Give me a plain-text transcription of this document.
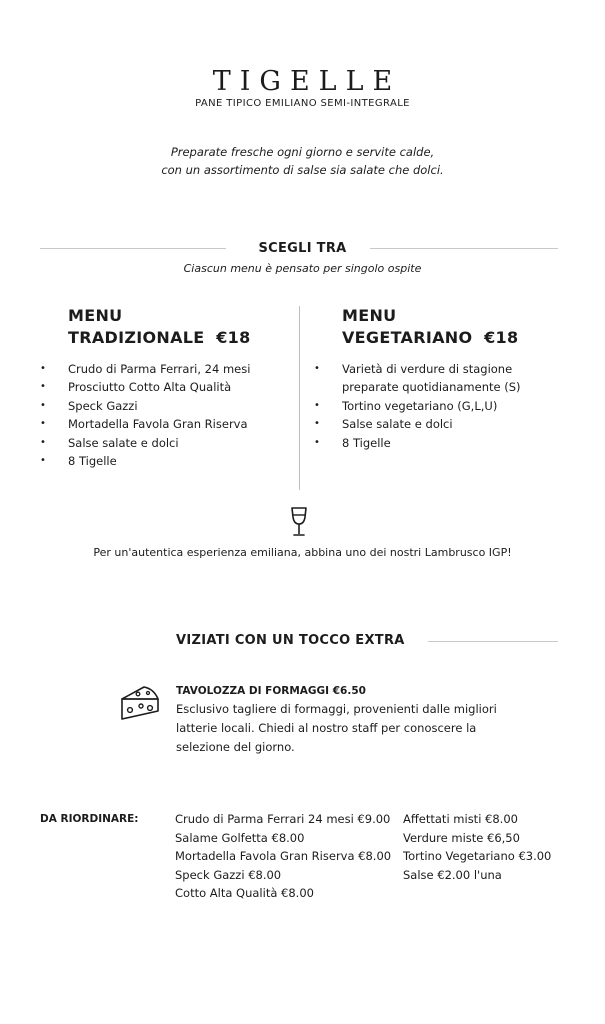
TIGELLE
PANE TIPICO EMILIANO SEMI-INTEGRALE
Preparate fresche ogni giorno e servite calde,
con un assortimento di salse sia salate che dolci.
SCEGLI TRA
Ciascun menu è pensato per singolo ospite
MENU
TRADIZIONALE  €18
• Crudo di Parma Ferrari, 24 mesi
• Prosciutto Cotto Alta Qualità
• Speck Gazzi
• Mortadella Favola Gran Riserva
• Salse salate e dolci
• 8 Tigelle
MENU
VEGETARIANO  €18
• Varietà di verdure di stagione
preparate quotidianamente (S)
• Tortino vegetariano (G,L,U)
• Salse salate e dolci
• 8 Tigelle
Per un'autentica esperienza emiliana, abbina uno dei nostri Lambrusco IGP!
VIZIATI CON UN TOCCO EXTRA
TAVOLOZZA DI FORMAGGI €6.50
Esclusivo tagliere di formaggi, provenienti dalle migliori latterie locali. Chiedi al nostro staff per conoscere la selezione del giorno.
DA RIORDINARE:	Crudo di Parma Ferrari 24 mesi €9.00
Salame Golfetta €8.00
Mortadella Favola Gran Riserva €8.00
Speck Gazzi €8.00
Cotto Alta Qualità €8.00
Affettati misti €8.00
Verdure miste €6,50
Tortino Vegetariano €3.00
Salse €2.00 l'una
